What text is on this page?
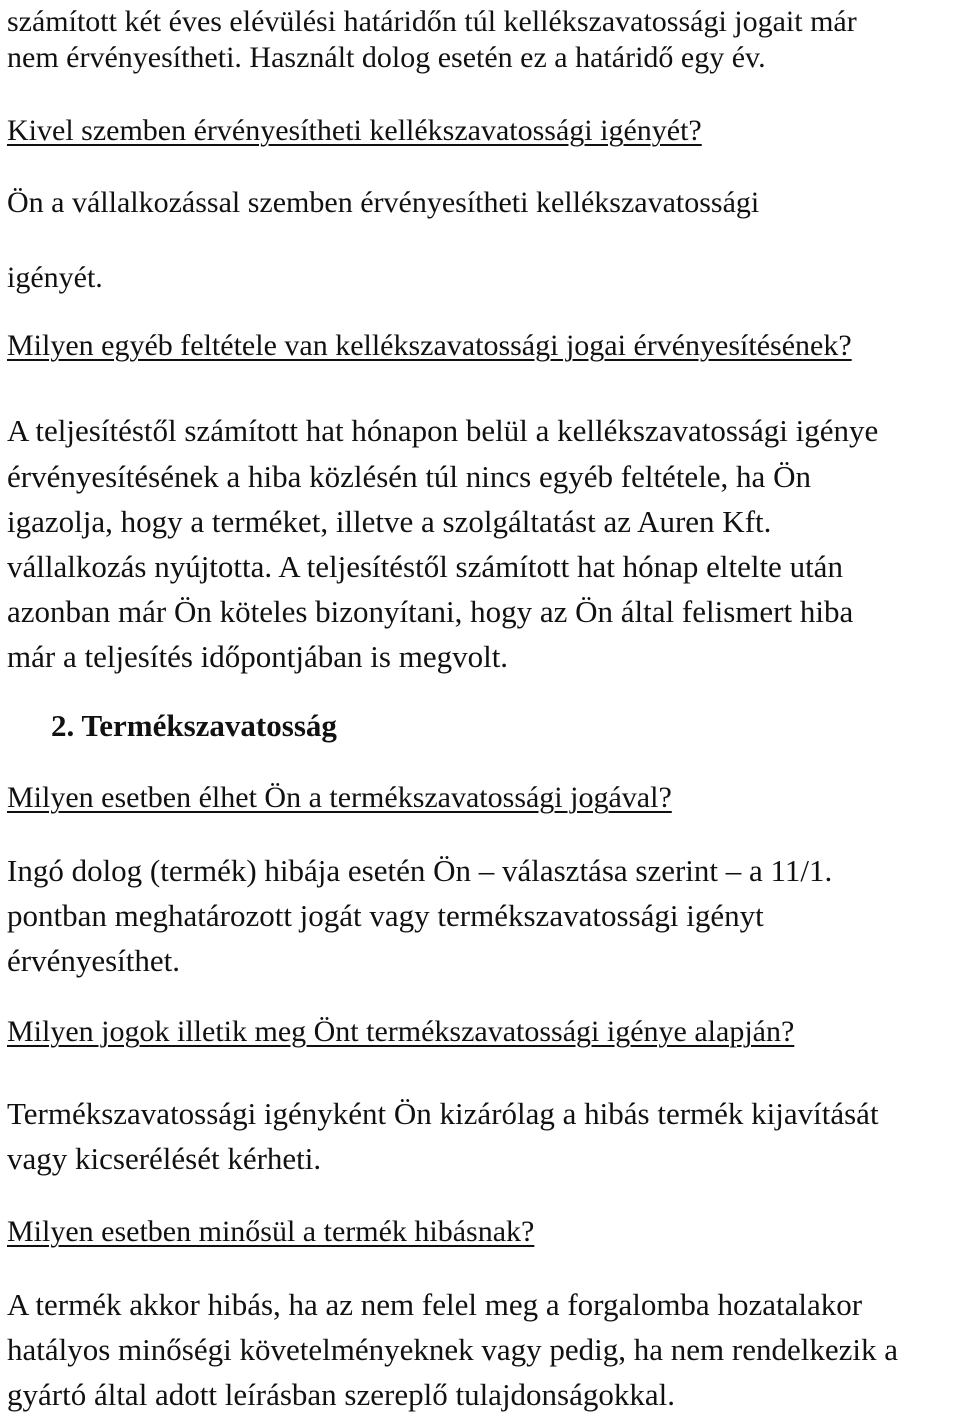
számított két éves elévülési határidőn túl kellékszavatossági jogait már
nem érvényesítheti. Használt dolog esetén ez a határidő egy év.
Kivel szemben érvényesítheti kellékszavatossági igényét?
Ön a vállalkozással szemben érvényesítheti kellékszavatossági
igényét.
Milyen egyéb feltétele van kellékszavatossági jogai érvényesítésének?
A teljesítéstől számított hat hónapon belül a kellékszavatossági igénye
érvényesítésének a hiba közlésén túl nincs egyéb feltétele, ha Ön
igazolja, hogy a terméket, illetve a szolgáltatást az Auren Kft.
vállalkozás nyújtotta. A teljesítéstől számított hat hónap eltelte után
azonban már Ön köteles bizonyítani, hogy az Ön által felismert hiba
már a teljesítés időpontjában is megvolt.
2. Termékszavatosság
Milyen esetben élhet Ön a termékszavatossági jogával?
Ingó dolog (termék) hibája esetén Ön – választása szerint – a 11/1.
pontban meghatározott jogát vagy termékszavatossági igényt
érvényesíthet.
Milyen jogok illetik meg Önt termékszavatossági igénye alapján?
Termékszavatossági igényként Ön kizárólag a hibás termék kijavítását
vagy kicserélését kérheti.
Milyen esetben minősül a termék hibásnak?
A termék akkor hibás, ha az nem felel meg a forgalomba hozatalakor
hatályos minőségi követelményeknek vagy pedig, ha nem rendelkezik a
gyártó által adott leírásban szereplő tulajdonságokkal.
